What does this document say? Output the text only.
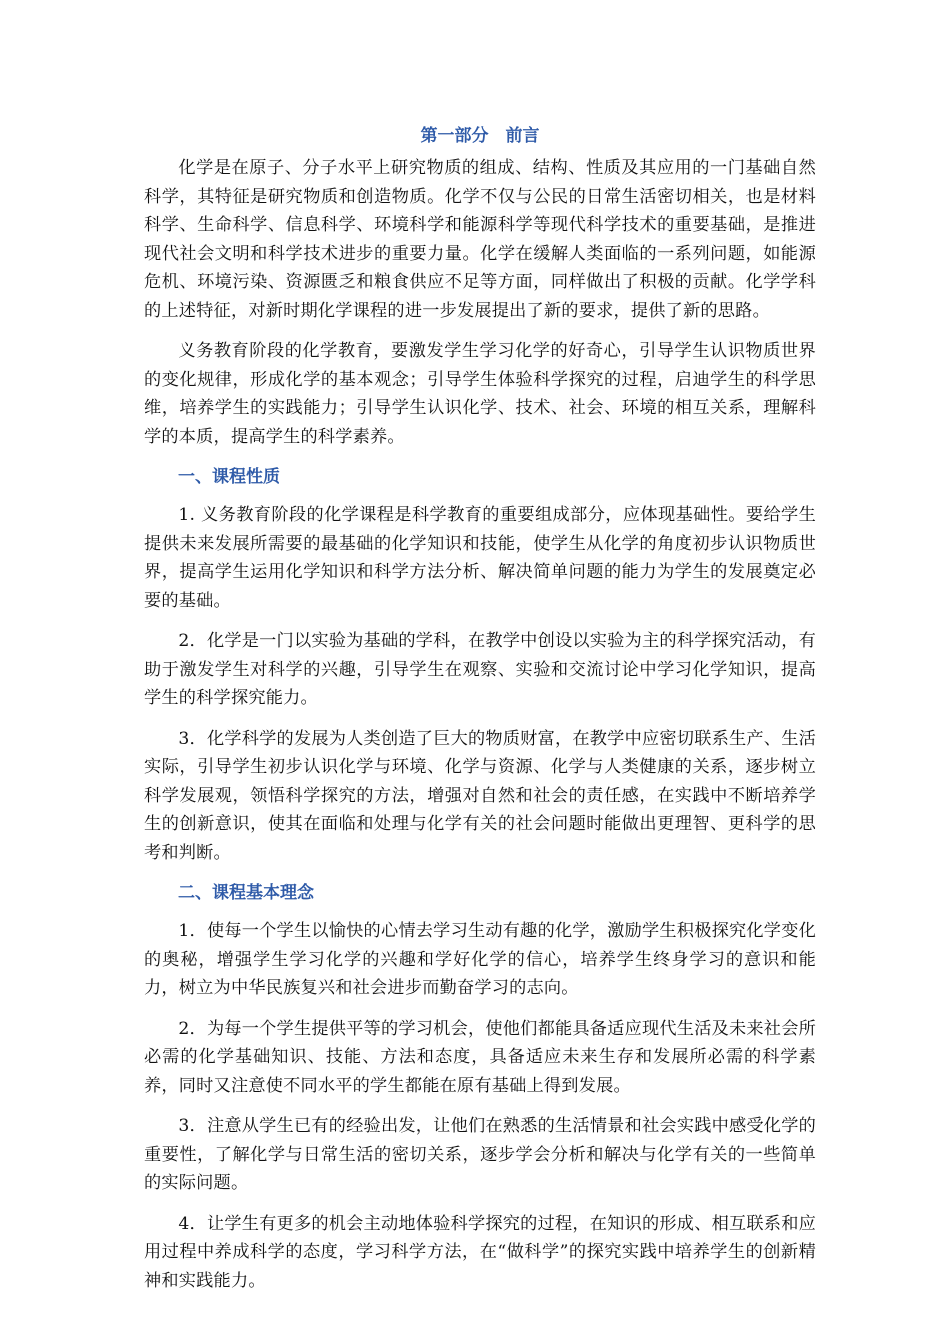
第一部分　前言

化学是在原子、分子水平上研究物质的组成、结构、性质及其应用的一门基础自然科学，其特征是研究物质和创造物质。化学不仅与公民的日常生活密切相关，也是材料科学、生命科学、信息科学、环境科学和能源科学等现代科学技术的重要基础，是推进现代社会文明和科学技术进步的重要力量。化学在缓解人类面临的一系列问题，如能源危机、环境污染、资源匮乏和粮食供应不足等方面，同样做出了积极的贡献。化学学科的上述特征，对新时期化学课程的进一步发展提出了新的要求，提供了新的思路。

义务教育阶段的化学教育，要激发学生学习化学的好奇心，引导学生认识物质世界的变化规律，形成化学的基本观念；引导学生体验科学探究的过程，启迪学生的科学思维，培养学生的实践能力；引导学生认识化学、技术、社会、环境的相互关系，理解科学的本质，提高学生的科学素养。

一、课程性质

1. 义务教育阶段的化学课程是科学教育的重要组成部分，应体现基础性。要给学生提供未来发展所需要的最基础的化学知识和技能，使学生从化学的角度初步认识物质世界，提高学生运用化学知识和科学方法分析、解决简单问题的能力为学生的发展奠定必要的基础。

2．化学是一门以实验为基础的学科，在教学中创设以实验为主的科学探究活动，有助于激发学生对科学的兴趣，引导学生在观察、实验和交流讨论中学习化学知识，提高学生的科学探究能力。

3．化学科学的发展为人类创造了巨大的物质财富，在教学中应密切联系生产、生活实际，引导学生初步认识化学与环境、化学与资源、化学与人类健康的关系，逐步树立科学发展观，领悟科学探究的方法，增强对自然和社会的责任感，在实践中不断培养学生的创新意识，使其在面临和处理与化学有关的社会问题时能做出更理智、更科学的思考和判断。

二、课程基本理念

1．使每一个学生以愉快的心情去学习生动有趣的化学，激励学生积极探究化学变化的奥秘，增强学生学习化学的兴趣和学好化学的信心，培养学生终身学习的意识和能力，树立为中华民族复兴和社会进步而勤奋学习的志向。

2．为每一个学生提供平等的学习机会，使他们都能具备适应现代生活及未来社会所必需的化学基础知识、技能、方法和态度，具备适应未来生存和发展所必需的科学素养，同时又注意使不同水平的学生都能在原有基础上得到发展。

3．注意从学生已有的经验出发，让他们在熟悉的生活情景和社会实践中感受化学的重要性，了解化学与日常生活的密切关系，逐步学会分析和解决与化学有关的一些简单的实际问题。

4．让学生有更多的机会主动地体验科学探究的过程，在知识的形成、相互联系和应用过程中养成科学的态度，学习科学方法，在“做科学”的探究实践中培养学生的创新精神和实践能力。
